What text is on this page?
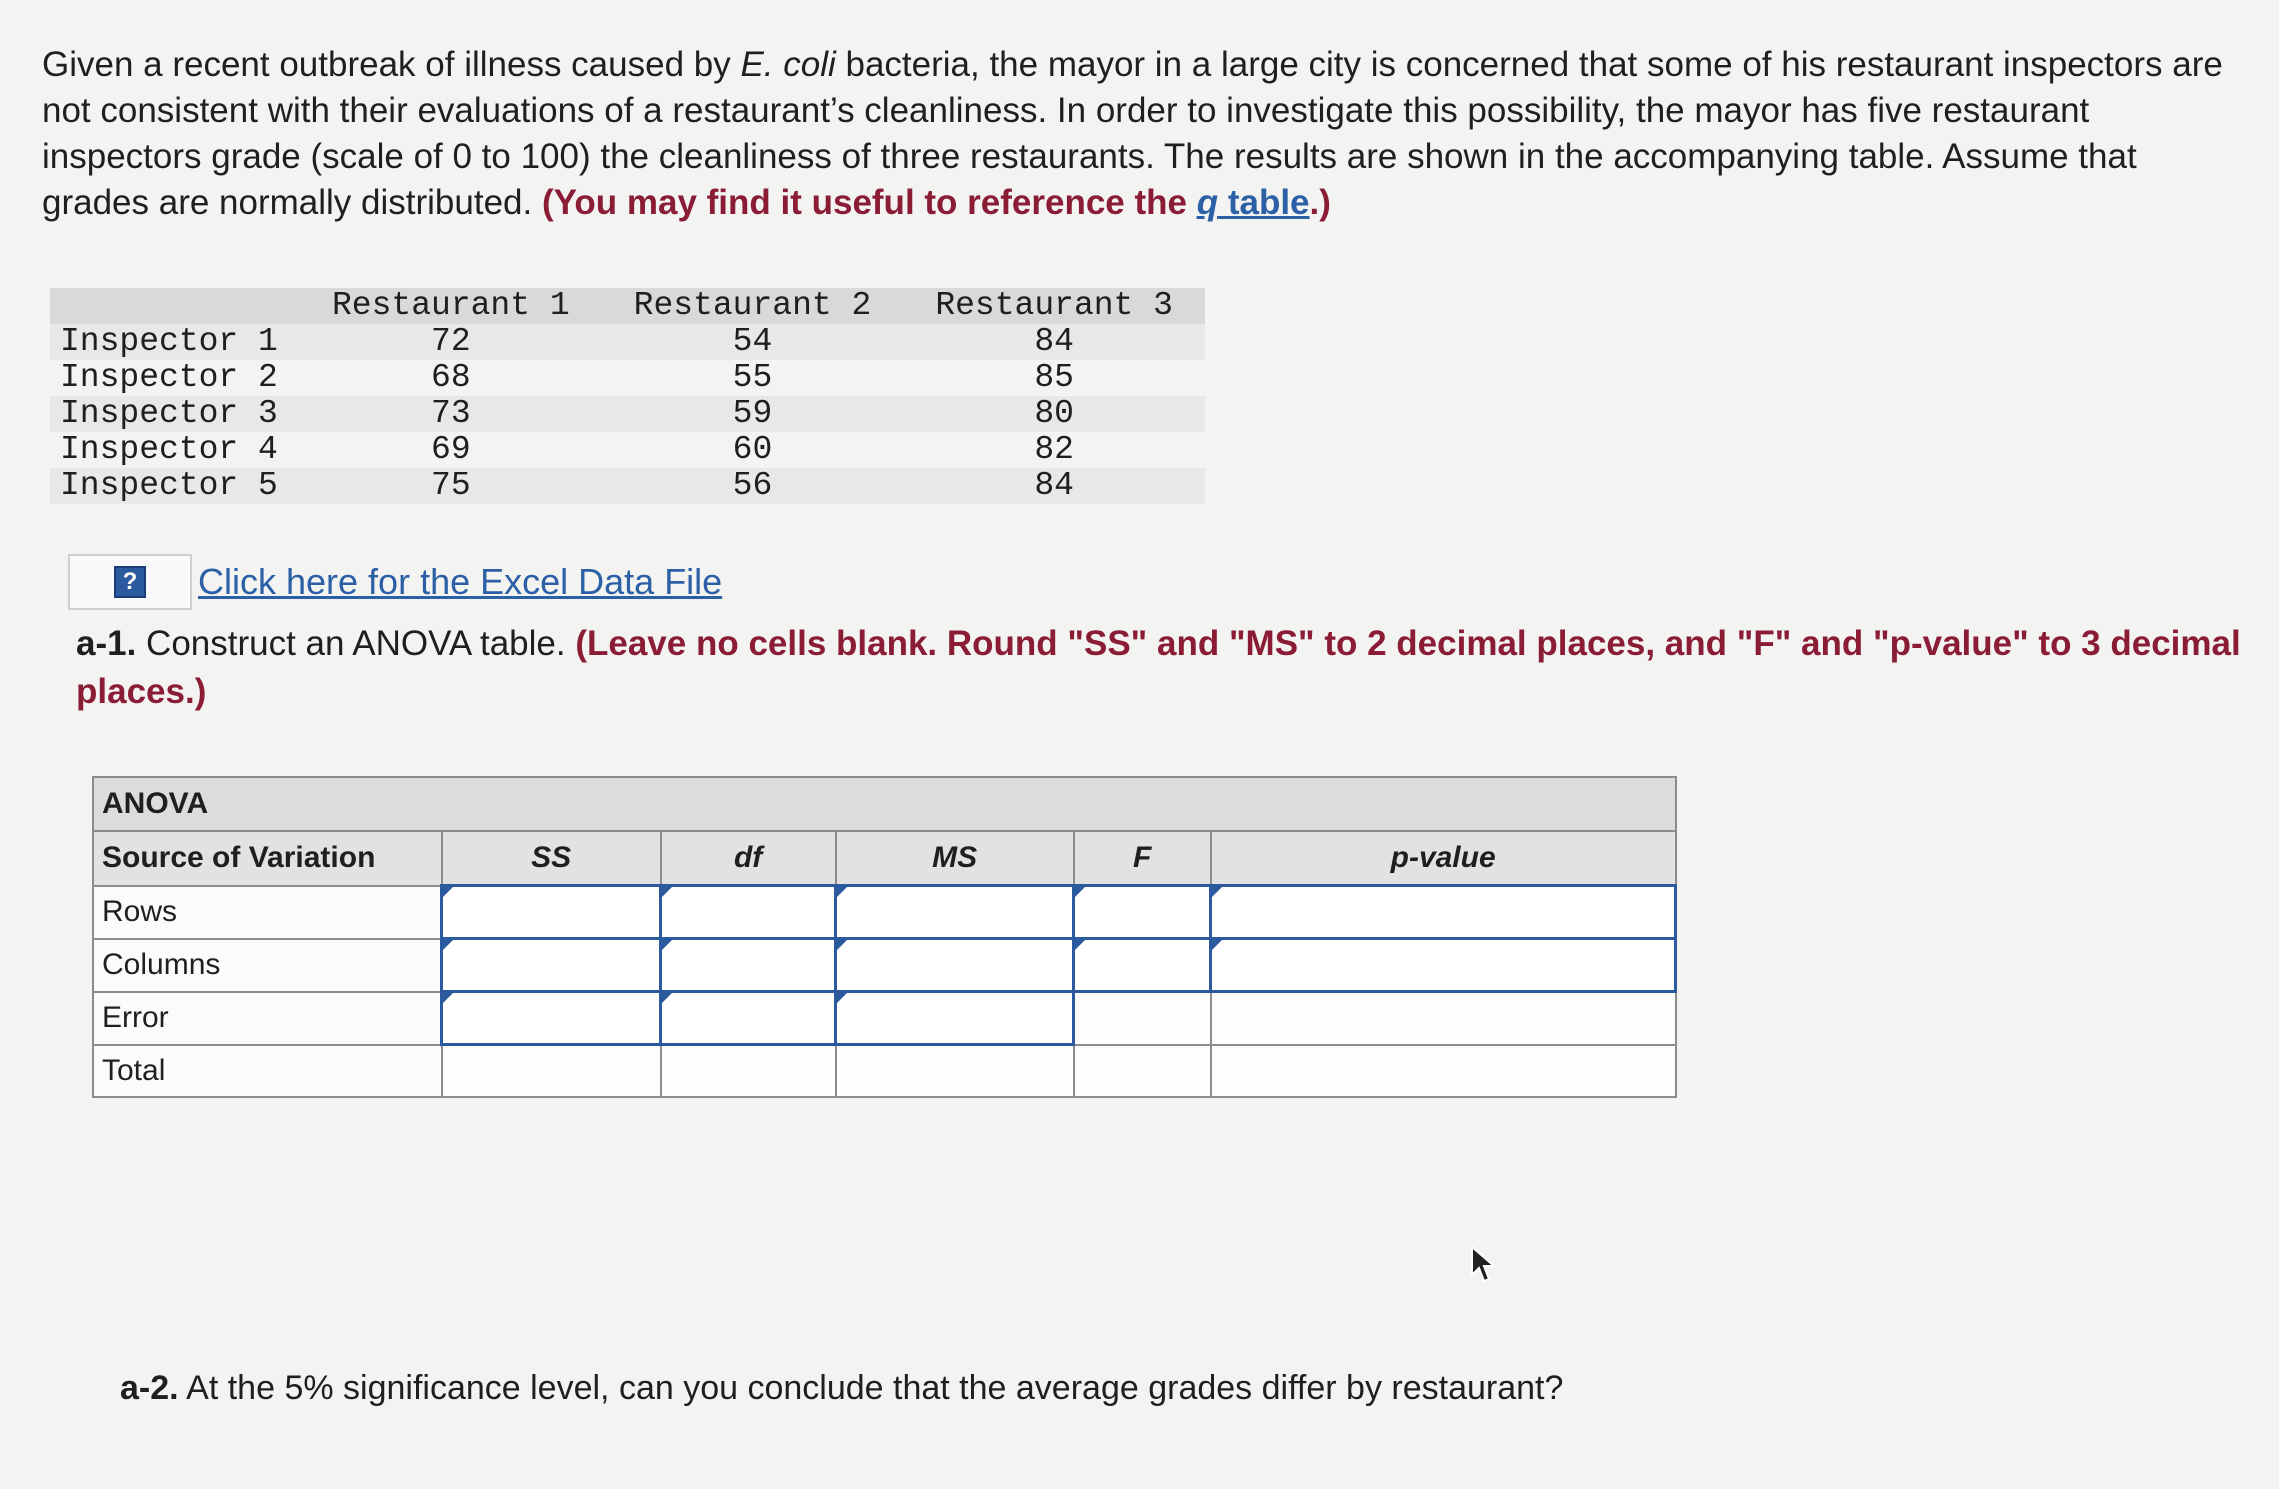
Given a recent outbreak of illness caused by E. coli bacteria, the mayor in a large city is concerned that some of his restaurant inspectors are not consistent with their evaluations of a restaurant’s cleanliness. In order to investigate this possibility, the mayor has five restaurant inspectors grade (scale of 0 to 100) the cleanliness of three restaurants. The results are shown in the accompanying table. Assume that grades are normally distributed. (You may find it useful to reference the q table.)
	Restaurant 1	Restaurant 2	Restaurant 3
Inspector 1	72	54	84
Inspector 2	68	55	85
Inspector 3	73	59	80
Inspector 4	69	60	82
Inspector 5	75	56	84
? Click here for the Excel Data File
a-1. Construct an ANOVA table. (Leave no cells blank. Round "SS" and "MS" to 2 decimal places, and "F" and "p-value" to 3 decimal places.)
ANOVA					
Source of Variation	SS	df	MS	F	p-value
Rows					
Columns					
Error					
Total					
a-2. At the 5% significance level, can you conclude that the average grades differ by restaurant?
